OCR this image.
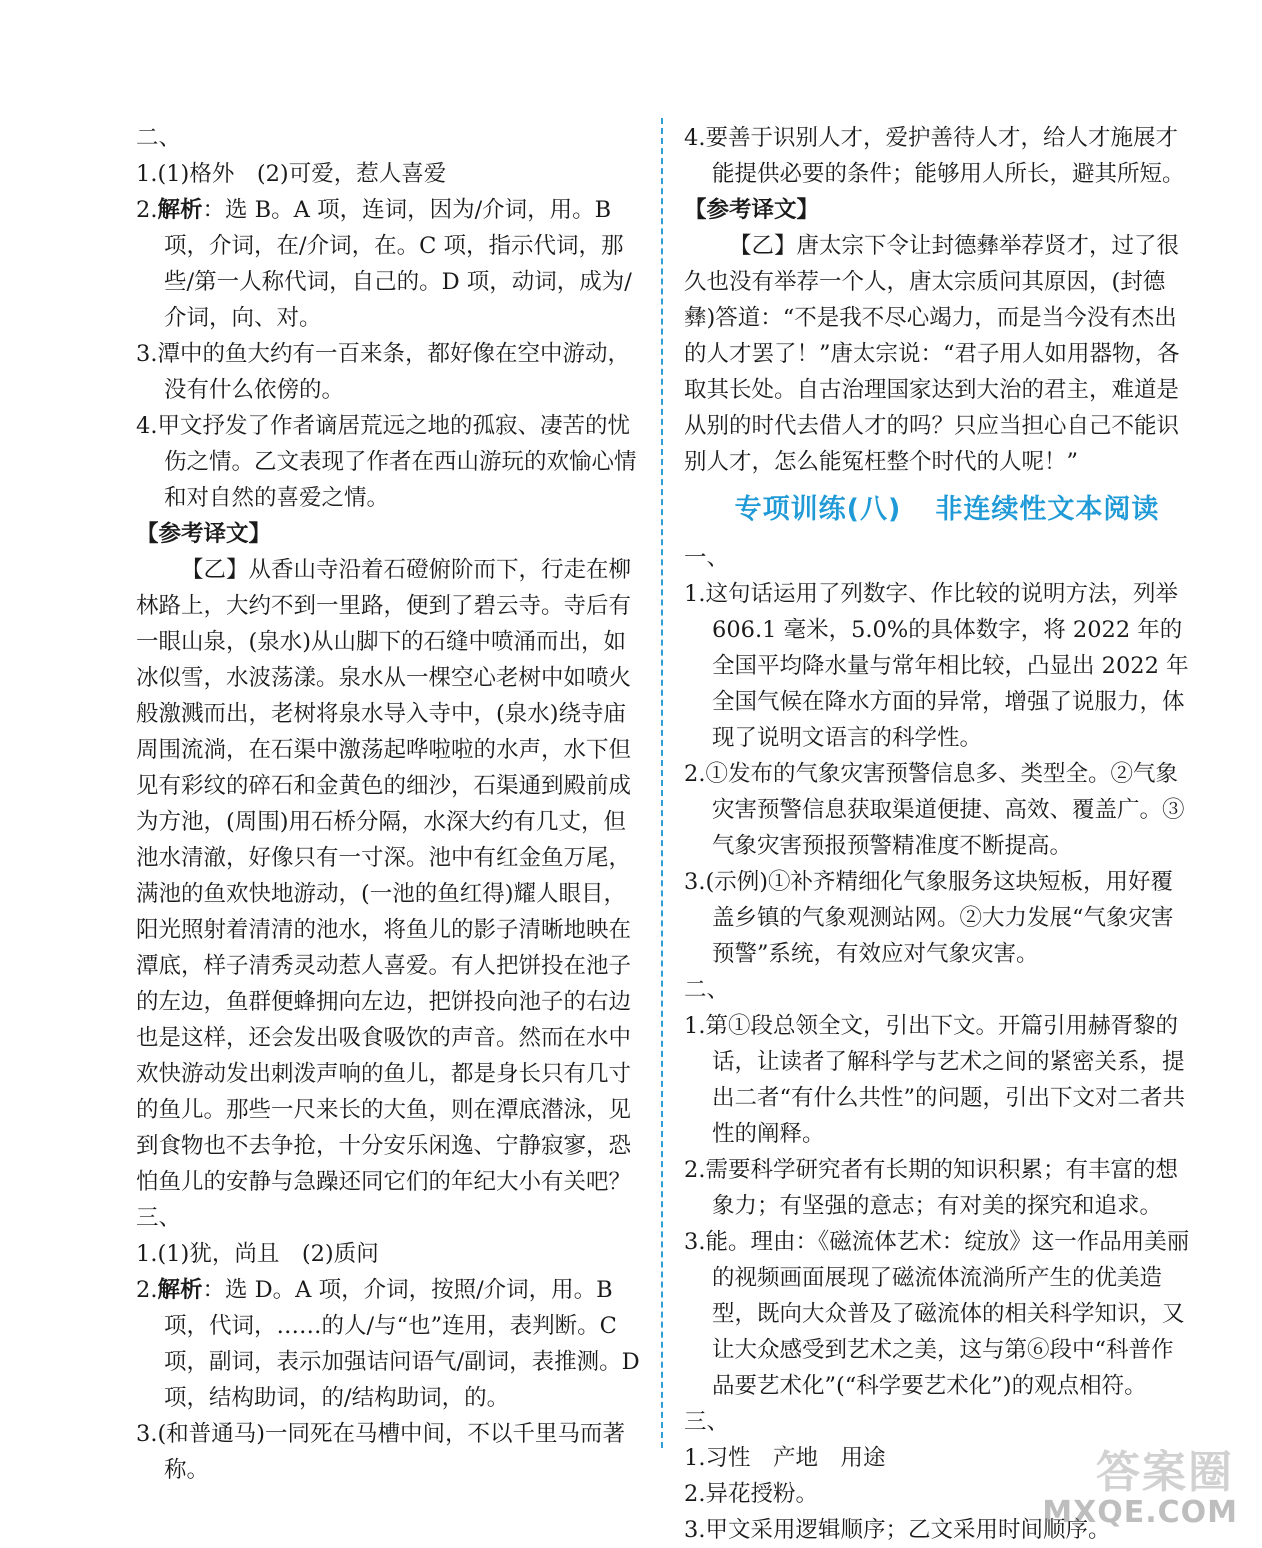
二、

1.(1)格外　(2)可爱，惹人喜爱

2.解析：选 B。A 项，连词，因为/介词，用。B 项，介词，在/介词，在。C 项，指示代词，那些/第一人称代词，自己的。D 项，动词，成为/介词，向、对。

3.潭中的鱼大约有一百来条，都好像在空中游动，没有什么依傍的。

4.甲文抒发了作者谪居荒远之地的孤寂、凄苦的忧伤之情。乙文表现了作者在西山游玩的欢愉心情和对自然的喜爱之情。

【参考译文】

【乙】从香山寺沿着石磴俯阶而下，行走在柳林路上，大约不到一里路，便到了碧云寺。寺后有一眼山泉，(泉水)从山脚下的石缝中喷涌而出，如冰似雪，水波荡漾。泉水从一棵空心老树中如喷火般激溅而出，老树将泉水导入寺中，(泉水)绕寺庙周围流淌，在石渠中激荡起哗啦啦的水声，水下但见有彩纹的碎石和金黄色的细沙，石渠通到殿前成为方池，(周围)用石桥分隔，水深大约有几丈，但池水清澈，好像只有一寸深。池中有红金鱼万尾，满池的鱼欢快地游动，(一池的鱼红得)耀人眼目，阳光照射着清清的池水，将鱼儿的影子清晰地映在潭底，样子清秀灵动惹人喜爱。有人把饼投在池子的左边，鱼群便蜂拥向左边，把饼投向池子的右边也是这样，还会发出吸食吸饮的声音。然而在水中欢快游动发出刺泼声响的鱼儿，都是身长只有几寸的鱼儿。那些一尺来长的大鱼，则在潭底潜泳，见到食物也不去争抢，十分安乐闲逸、宁静寂寥，恐怕鱼儿的安静与急躁还同它们的年纪大小有关吧？

三、

1.(1)犹，尚且　(2)质问

2.解析：选 D。A 项，介词，按照/介词，用。B 项，代词，……的人/与“也”连用，表判断。C 项，副词，表示加强诘问语气/副词，表推测。D 项，结构助词，的/结构助词，的。

3.(和普通马)一同死在马槽中间，不以千里马而著称。

4.要善于识别人才，爱护善待人才，给人才施展才能提供必要的条件；能够用人所长，避其所短。

【参考译文】

【乙】唐太宗下令让封德彝举荐贤才，过了很久也没有举荐一个人，唐太宗质问其原因，(封德彝)答道：“不是我不尽心竭力，而是当今没有杰出的人才罢了！”唐太宗说：“君子用人如用器物，各取其长处。自古治理国家达到大治的君主，难道是从别的时代去借人才的吗？只应当担心自己不能识别人才，怎么能冤枉整个时代的人呢！”

专项训练(八) 非连续性文本阅读

一、

1.这句话运用了列数字、作比较的说明方法，列举606.1 毫米，5.0%的具体数字，将 2022 年的全国平均降水量与常年相比较，凸显出 2022 年全国气候在降水方面的异常，增强了说服力，体现了说明文语言的科学性。

2.①发布的气象灾害预警信息多、类型全。②气象灾害预警信息获取渠道便捷、高效、覆盖广。③气象灾害预报预警精准度不断提高。

3.(示例)①补齐精细化气象服务这块短板，用好覆盖乡镇的气象观测站网。②大力发展“气象灾害预警”系统，有效应对气象灾害。

二、

1.第①段总领全文，引出下文。开篇引用赫胥黎的话，让读者了解科学与艺术之间的紧密关系，提出二者“有什么共性”的问题，引出下文对二者共性的阐释。

2.需要科学研究者有长期的知识积累；有丰富的想象力；有坚强的意志；有对美的探究和追求。

3.能。理由：《磁流体艺术：绽放》这一作品用美丽的视频画面展现了磁流体流淌所产生的优美造型，既向大众普及了磁流体的相关科学知识，又让大众感受到艺术之美，这与第⑥段中“科普作品要艺术化”(“科学要艺术化”)的观点相符。

三、

1.习性　产地　用途

2.异花授粉。

3.甲文采用逻辑顺序；乙文采用时间顺序。

答案圈
MXQE.COM
